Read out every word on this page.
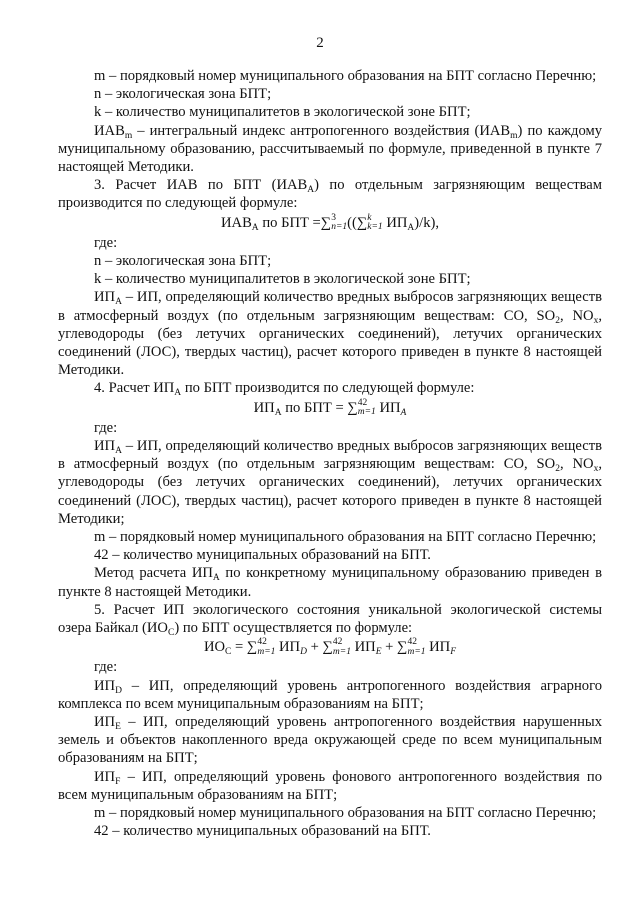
2

m – порядковый номер муниципального образования на БПТ согласно Перечню;

n – экологическая зона БПТ;

k – количество муниципалитетов в экологической зоне БПТ;

$ИАВ_m$ – интегральный индекс антропогенного воздействия $(ИАВ_m)$ по каждому муниципальному образованию, рассчитываемый по формуле, приведенной в пункте 7 настоящей Методики.

3. Расчет ИАВ по БПТ $(ИАВ_А)$ по отдельным загрязняющим веществам производится по следующей формуле:

$ИАВ_А$ по БПТ =∑3
n=1((∑k
k=1 $ИП_А)/k$),

где:

n – экологическая зона БПТ;

k – количество муниципалитетов в экологической зоне БПТ;

$ИП_А$ – ИП, определяющий количество вредных выбросов загрязняющих веществ в атмосферный воздух (по отдельным загрязняющим веществам: CO, $SO_2$, $NO_x$, углеводороды (без летучих органических соединений), летучих органических соединений (ЛОС), твердых частиц), расчет которого приведен в пункте 8 настоящей Методики.

4. Расчет $ИП_А$ по БПТ производится по следующей формуле:

$ИП_А$ по БПТ = ∑42
m=1 $ИП_A$

где:

$ИП_А$ – ИП, определяющий количество вредных выбросов загрязняющих веществ в атмосферный воздух (по отдельным загрязняющим веществам: CO, $SO_2$, $NO_x$, углеводороды (без летучих органических соединений), летучих органических соединений (ЛОС), твердых частиц), расчет которого приведен в пункте 8 настоящей Методики;

m – порядковый номер муниципального образования на БПТ согласно Перечню;

42 – количество муниципальных образований на БПТ.

Метод расчета $ИП_А$ по конкретному муниципальному образованию приведен в пункте 8 настоящей Методики.

5. Расчет ИП экологического состояния уникальной экологической системы озера Байкал $(ИО_С)$ по БПТ осуществляется по формуле:

$ИО_С = \sum 42$
m=1 $ИП_D + \sum 42$
m=1 $ИП_E + \sum 42$
m=1 $ИП_F$

где:

$ИП_D$ – ИП, определяющий уровень антропогенного воздействия аграрного комплекса по всем муниципальным образованиям на БПТ;

$ИП_E$ – ИП, определяющий уровень антропогенного воздействия нарушенных земель и объектов накопленного вреда окружающей среде по всем муниципальным образованиям на БПТ;

$ИП_F$ – ИП, определяющий уровень фонового антропогенного воздействия по всем муниципальным образованиям на БПТ;

m – порядковый номер муниципального образования на БПТ согласно Перечню;

42 – количество муниципальных образований на БПТ.
